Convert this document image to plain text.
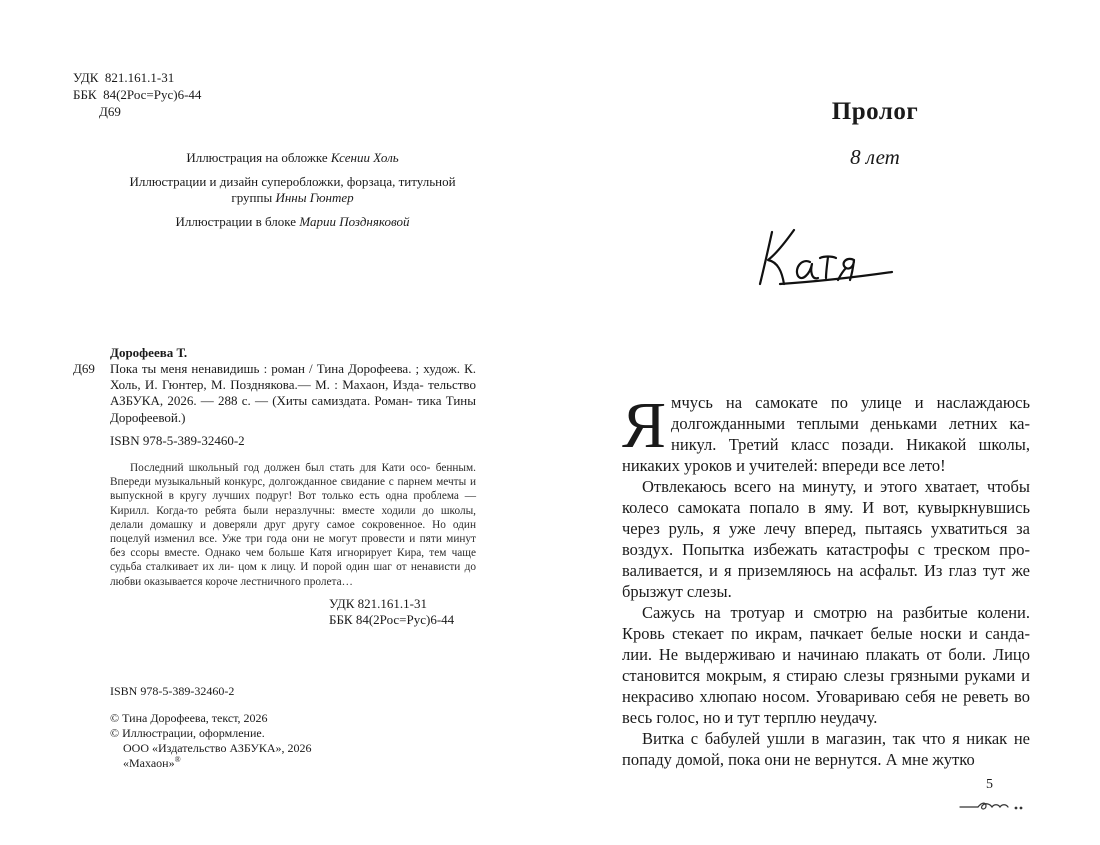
УДК  821.161.1-31
ББК  84(2Рос=Рус)6-44
Д69

Иллюстрация на обложке Ксении Холь

Иллюстрации и дизайн суперобложки, форзаца, титульной группы Инны Гюнтер

Иллюстрации в блоке Марии Поздняковой

Дорофеева Т.
Д69 Пока ты меня ненавидишь : роман / Тина Дорофеева. ; худож. К. Холь, И. Гюнтер, М. Позднякова.— М. : Махаон, Изда- тельство АЗБУКА, 2026. — 288 с. — (Хиты самиздата. Роман- тика Тины Дорофеевой.)
ISBN 978-5-389-32460-2
Последний школьный год должен был стать для Кати осо- бенным. Впереди музыкальный конкурс, долгожданное свидание с парнем мечты и выпускной в кругу лучших подруг! Вот только есть одна проблема — Кирилл. Когда-то ребята были неразлучны: вместе ходили до школы, делали домашку и доверяли друг другу самое сокровенное. Но один поцелуй изменил все. Уже три года они не могут провести и пяти минут без ссоры вместе. Однако чем больше Катя игнорирует Кира, тем чаще судьба сталкивает их ли- цом к лицу. И порой один шаг от ненависти до любви оказывается короче лестничного пролета…
УДК 821.161.1-31
ББК 84(2Рос=Рус)6-44
ISBN 978-5-389-32460-2
© Тина Дорофеева, текст, 2026
© Иллюстрации, оформление.
ООО «Издательство АЗБУКА», 2026
«Махаон»®
Пролог
8 лет

Ямчусь на самокате по улице и наслаждаюсь долгожданными теплыми деньками летних ка- никул. Третий класс позади. Никакой школы, никаких уроков и учителей: впереди все лето!

Отвлекаюсь всего на минуту, и этого хватает, чтобы колесо самоката попало в яму. И вот, кувыркнувшись через руль, я уже лечу вперед, пытаясь ухватиться за воздух. Попытка избежать катастрофы с треском про- валивается, и я приземляюсь на асфальт. Из глаз тут же брызжут слезы.

Сажусь на тротуар и смотрю на разбитые колени. Кровь стекает по икрам, пачкает белые носки и санда- лии. Не выдерживаю и начинаю плакать от боли. Лицо становится мокрым, я стираю слезы грязными руками и некрасиво хлюпаю носом. Уговариваю себя не реветь во весь голос, но и тут терплю неудачу.

Витка с бабулей ушли в магазин, так что я никак не попаду домой, пока они не вернутся. А мне жутко

5
